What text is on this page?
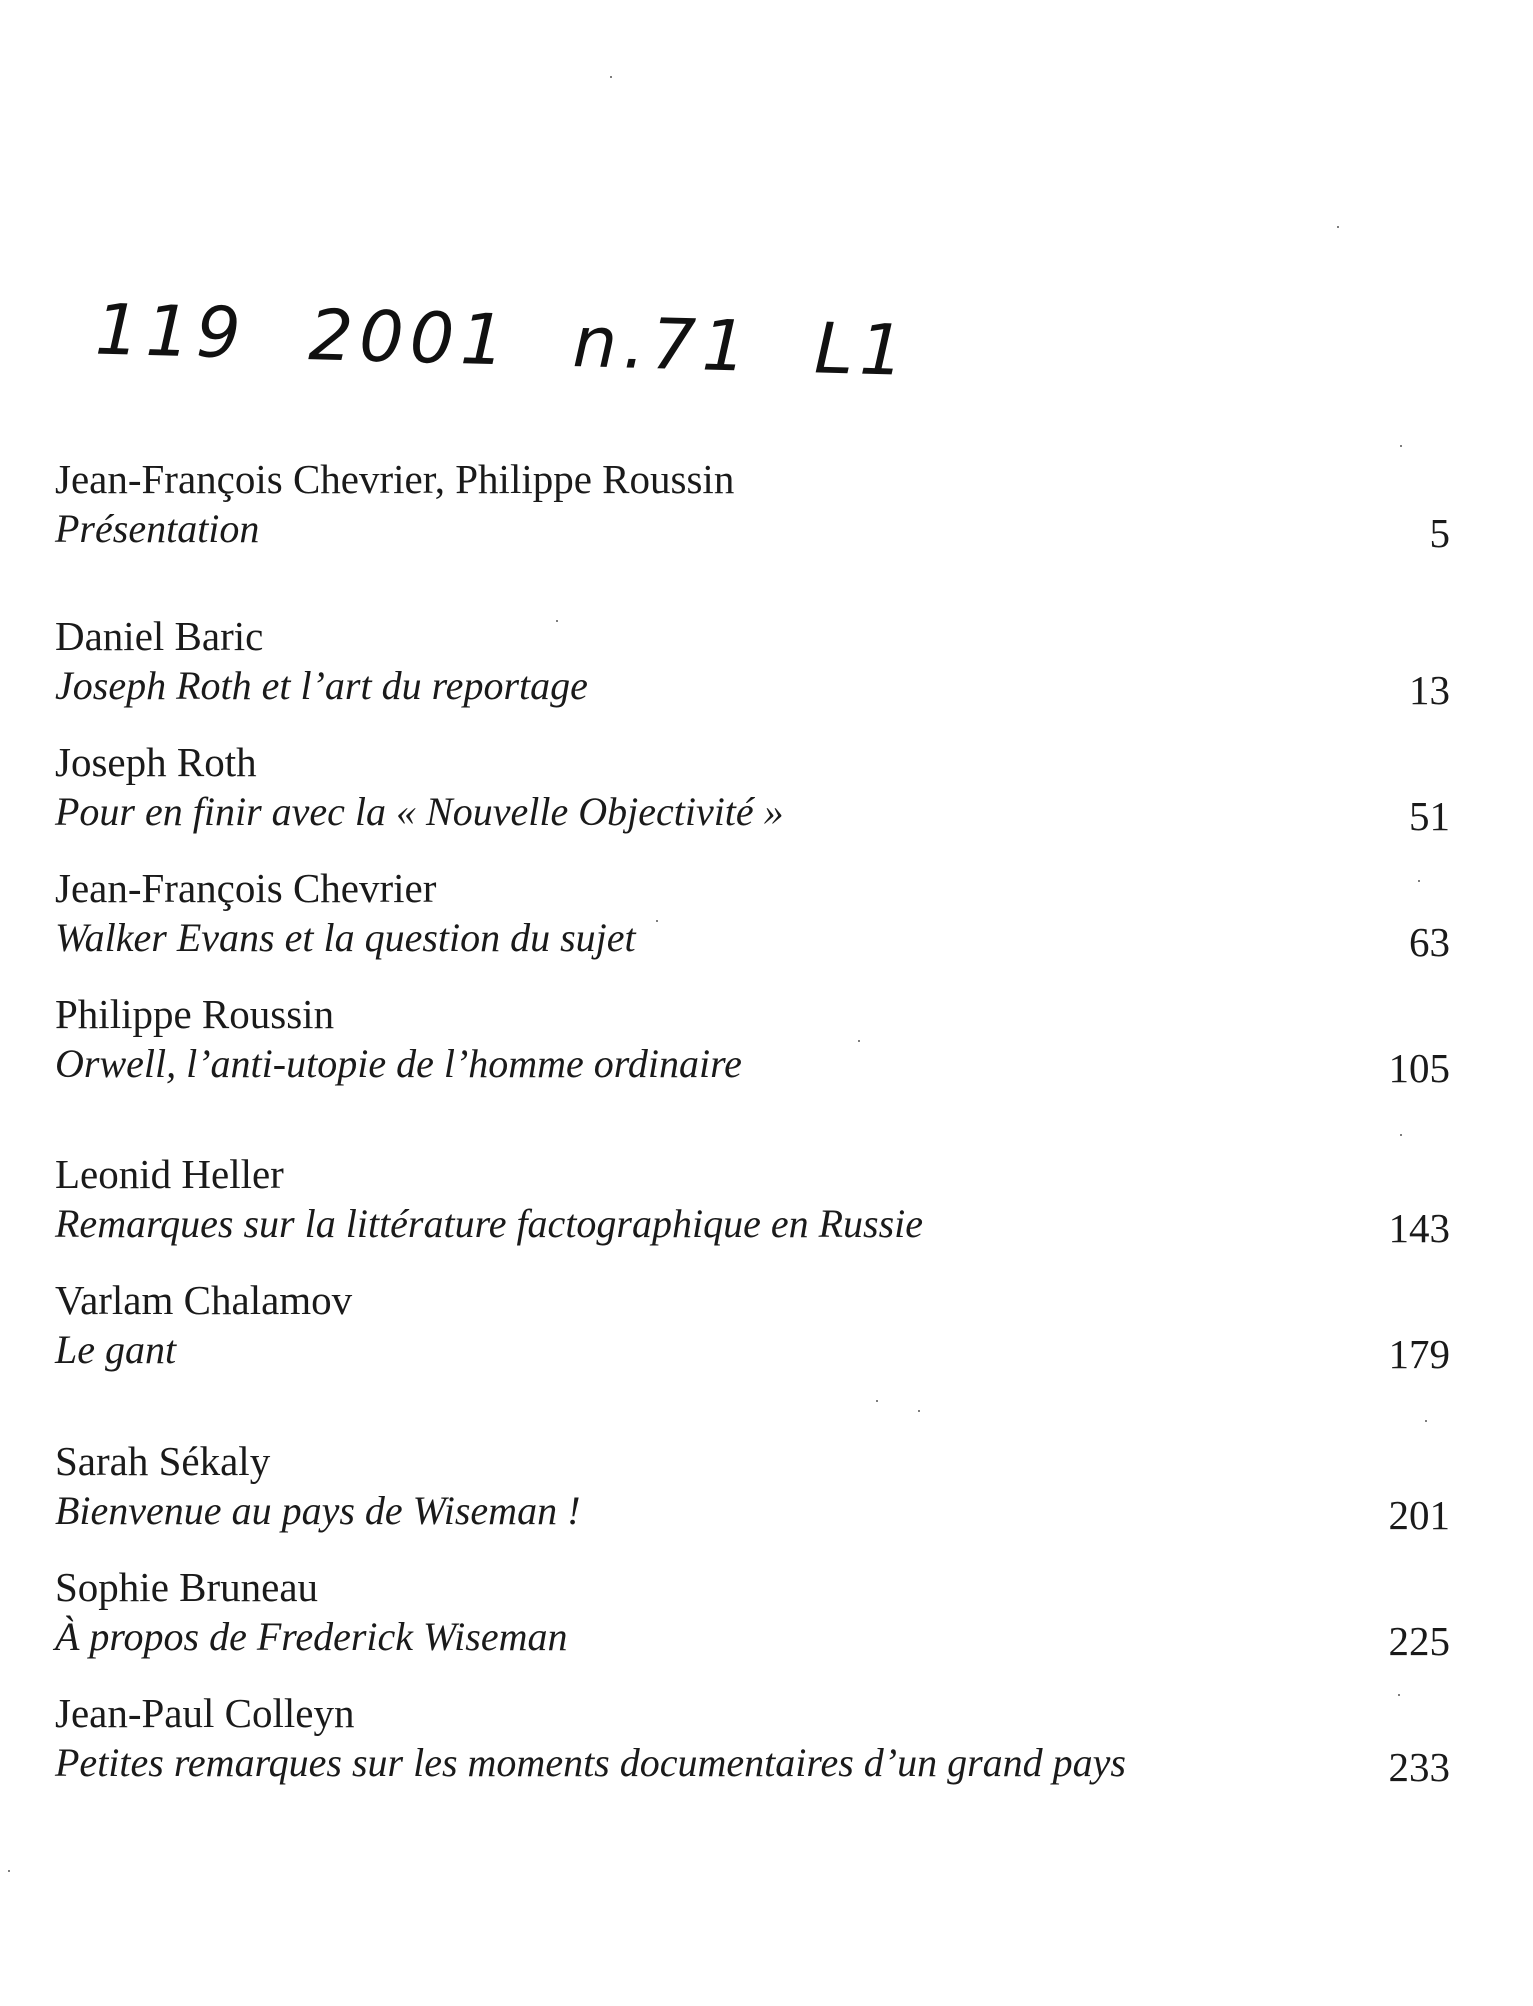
119 2001 n.71 L1
Jean-François Chevrier, Philippe Roussin
Présentation	5
Daniel Baric
Joseph Roth et l’art du reportage	13
Joseph Roth
Pour en finir avec la « Nouvelle Objectivité »	51
Jean-François Chevrier
Walker Evans et la question du sujet	63
Philippe Roussin
Orwell, l’anti-utopie de l’homme ordinaire	105
Leonid Heller
Remarques sur la littérature factographique en Russie	143
Varlam Chalamov
Le gant	179
Sarah Sékaly
Bienvenue au pays de Wiseman !	201
Sophie Bruneau
À propos de Frederick Wiseman	225
Jean-Paul Colleyn
Petites remarques sur les moments documentaires d’un grand pays	233
